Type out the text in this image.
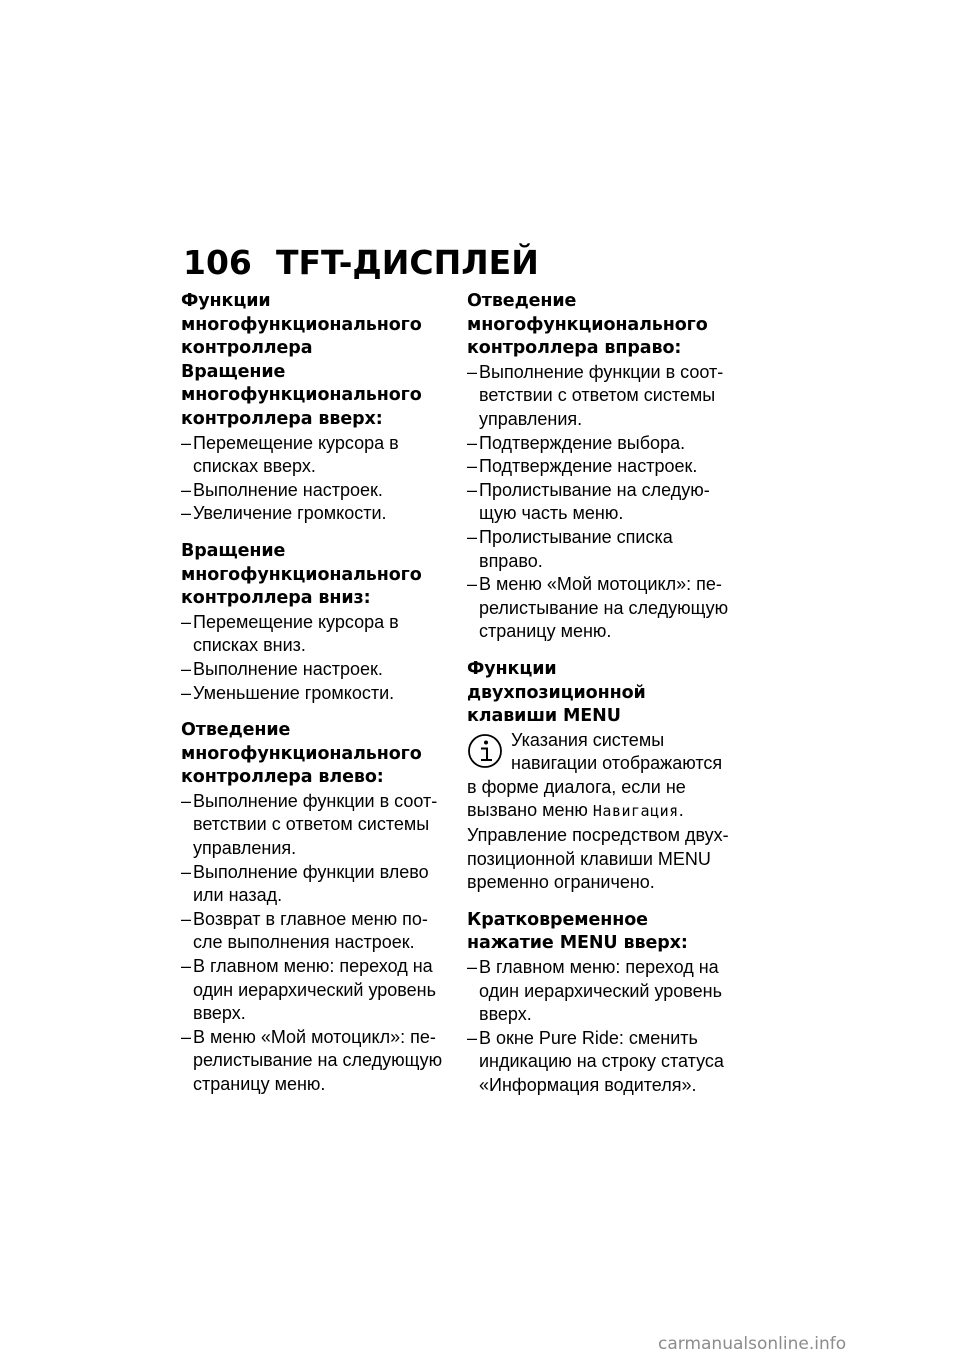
106 TFT-ДИСПЛЕЙ
Функции многофункционального контроллера
Вращение многофункционального контроллера вверх:
– Перемещение курсора в списках вверх.
– Выполнение настроек.
– Увеличение громкости.
Вращение многофункционального контроллера вниз:
– Перемещение курсора в списках вниз.
– Выполнение настроек.
– Уменьшение громкости.
Отведение многофункционального контроллера влево:
– Выполнение функции в соот-ветствии с ответом системы управления.
– Выполнение функции влево или назад.
– Возврат в главное меню по-сле выполнения настроек.
– В главном меню: переход на один иерархический уровень вверх.
– В меню «Мой мотоцикл»: пе-релистывание на следующую страницу меню.
Отведение многофункционального контроллера вправо:
– Выполнение функции в соот-ветствии с ответом системы управления.
– Подтверждение выбора.
– Подтверждение настроек.
– Пролистывание на следую-щую часть меню.
– Пролистывание списка вправо.
– В меню «Мой мотоцикл»: пе-релистывание на следующую страницу меню.
Функции двухпозиционной клавиши MENU
Указания системы навигации отображаются в форме диалога, если не вызвано меню Навигация. Управление посредством двух-позиционной клавиши MENU временно ограничено.
Кратковременное нажатие MENU вверх:
– В главном меню: переход на один иерархический уровень вверх.
– В окне Pure Ride: сменить индикацию на строку статуса «Информация водителя».
carmanualsonline.info
